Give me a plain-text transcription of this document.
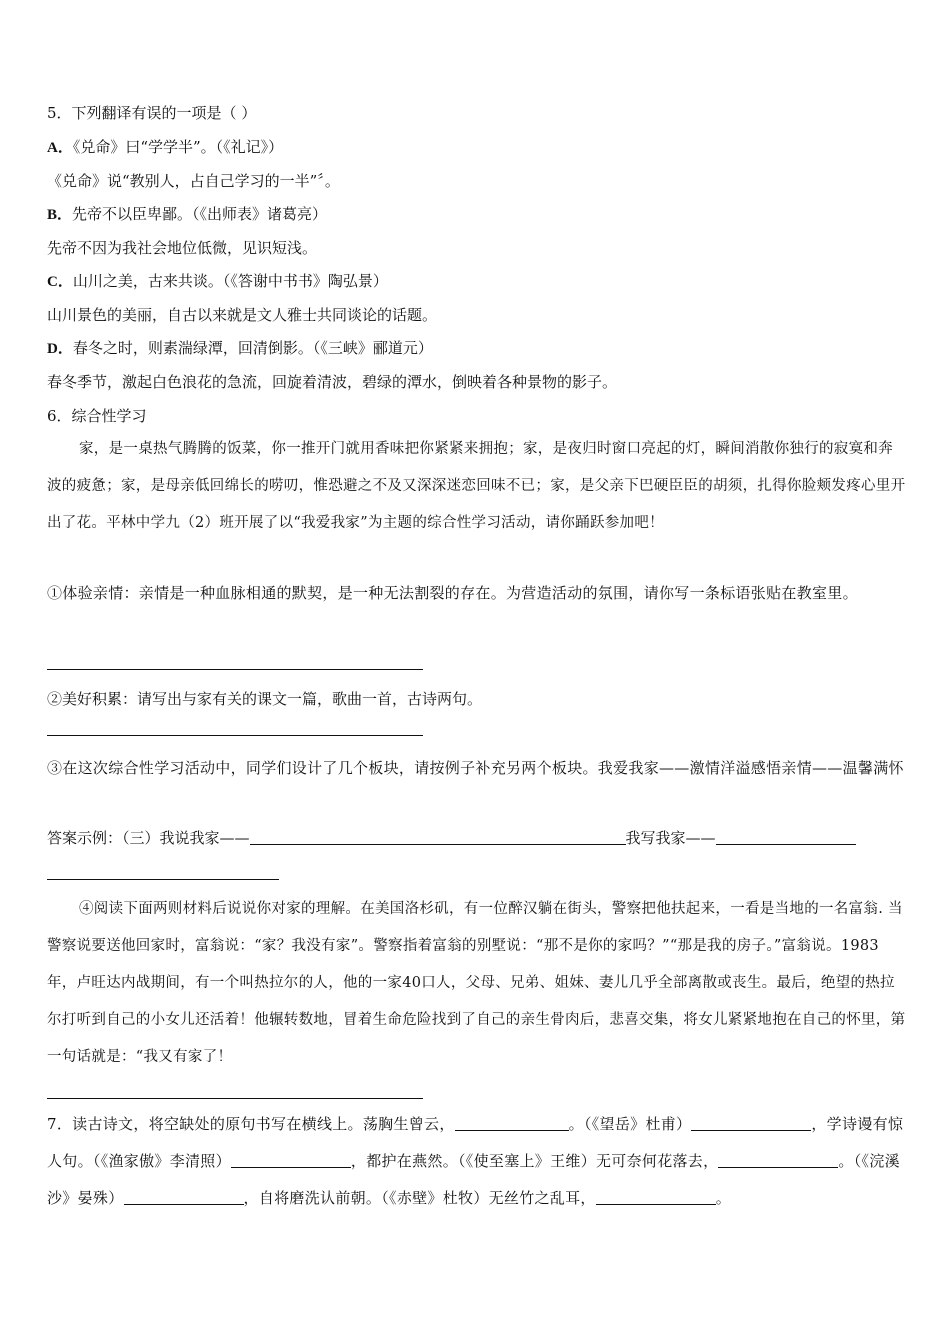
5．下列翻译有误的一项是（ ）
A．《兑命》曰“学学半”。（《礼记》）
《兑命》说“教别人，占自己学习的一半”〞。
B．先帝不以臣卑鄙。（《出师表》诸葛亮）
先帝不因为我社会地位低微，见识短浅。
C．山川之美，古来共谈。（《答谢中书书》陶弘景）
山川景色的美丽，自古以来就是文人雅士共同谈论的话题。
D．春冬之时，则素湍绿潭，回清倒影。（《三峡》郦道元）
春冬季节，激起白色浪花的急流，回旋着清波，碧绿的潭水，倒映着各种景物的影子。
6．综合性学习
家，是一桌热气腾腾的饭菜，你一推开门就用香味把你紧紧来拥抱；家，是夜归时窗口亮起的灯，瞬间消散你独行的寂寞和奔波的疲惫；家，是母亲低回绵长的唠叨，惟恐避之不及又深深迷恋回味不已；家，是父亲下巴硬臣臣的胡须，扎得你脸颊发疼心里开出了花。平林中学九（2）班开展了以“我爱我家”为主题的综合性学习活动，请你踊跃参加吧！
①体验亲情：亲情是一种血脉相通的默契，是一种无法割裂的存在。为营造活动的氛围，请你写一条标语张贴在教室里。
②美好积累：请写出与家有关的课文一篇，歌曲一首，古诗两句。
③在这次综合性学习活动中，同学们设计了几个板块，请按例子补充另两个板块。我爱我家——激情洋溢感悟亲情——温馨满怀
答案示例：（三）我说我家——	我写我家——
④阅读下面两则材料后说说你对家的理解。在美国洛杉矶，有一位醉汉躺在街头，警察把他扶起来，一看是当地的一名富翁. 当警察说要送他回家时，富翁说：“家？我没有家”。警察指着富翁的别墅说：“那不是你的家吗？”“那是我的房子。”富翁说。1983年，卢旺达内战期间，有一个叫热拉尔的人，他的一家40口人，父母、兄弟、姐妹、妻儿几乎全部离散或丧生。最后，绝望的热拉尔打听到自己的小女儿还活着！他辗转数地，冒着生命危险找到了自己的亲生骨肉后，悲喜交集，将女儿紧紧地抱在自己的怀里，第一句话就是：“我又有家了！
7．读古诗文，将空缺处的原句书写在横线上。荡胸生曾云，	。（《望岳》杜甫）	，学诗谩有惊人句。（《渔家傲》李清照）	，都护在燕然。（《使至塞上》王维）无可奈何花落去，	。（《浣溪沙》晏殊）	，自将磨洗认前朝。（《赤壁》杜牧）无丝竹之乱耳，	。
